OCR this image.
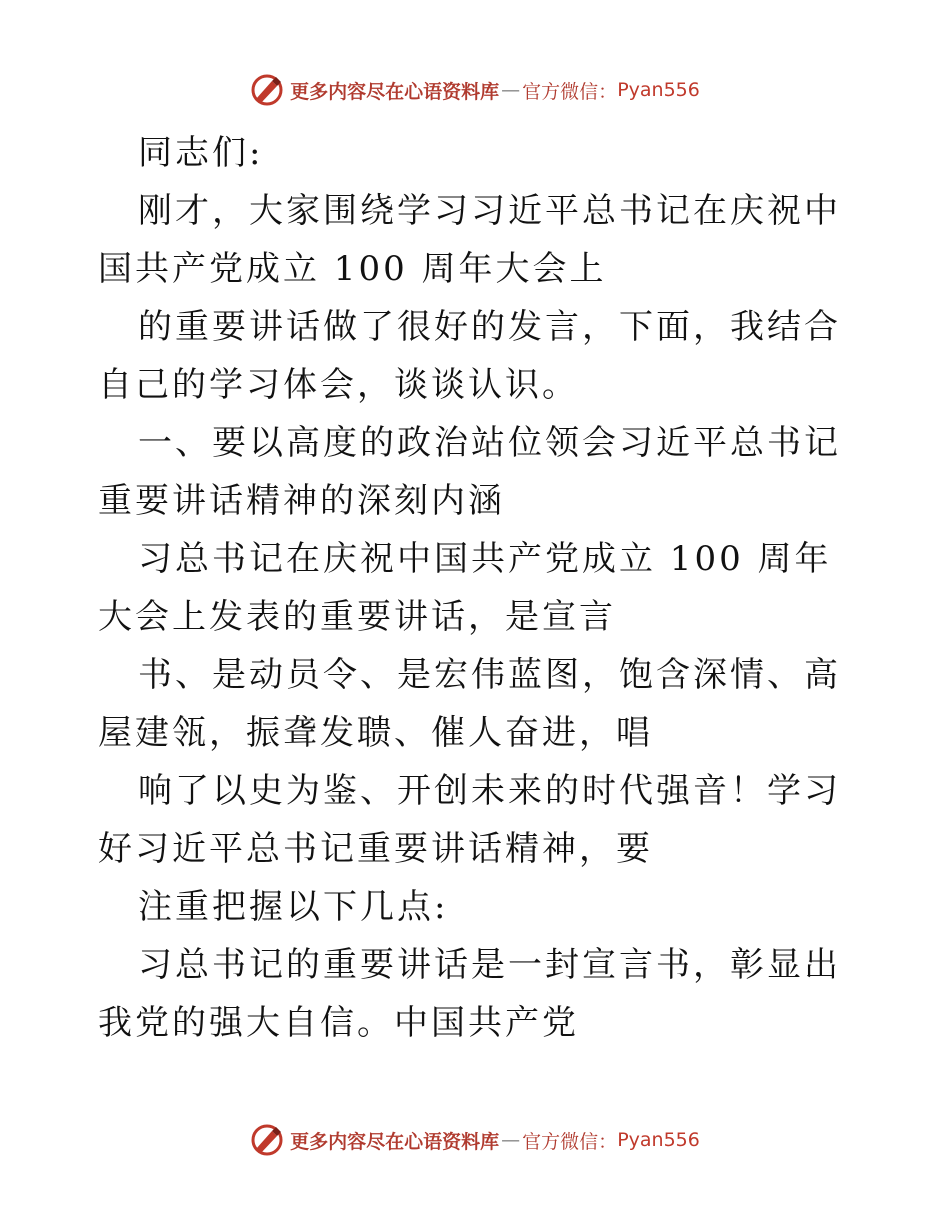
更多内容尽在心语资料库 — 官方微信 ： Pyan556

同志们:

刚才，大家围绕学习习近平总书记在庆祝中国共产党成立 100 周年大会上

的重要讲话做了很好的发言，下面，我结合自己的学习体会，谈谈认识。

一、要以高度的政治站位领会习近平总书记重要讲话精神的深刻内涵

习总书记在庆祝中国共产党成立 100 周年大会上发表的重要讲话，是宣言

书、是动员令、是宏伟蓝图，饱含深情、高屋建瓴，振聋发聩、催人奋进，唱

响了以史为鉴、开创未来的时代强音！学习好习近平总书记重要讲话精神，要

注重把握以下几点:

习总书记的重要讲话是一封宣言书，彰显出我党的强大自信。中国共产党

更多内容尽在心语资料库 — 官方微信 ： Pyan556
